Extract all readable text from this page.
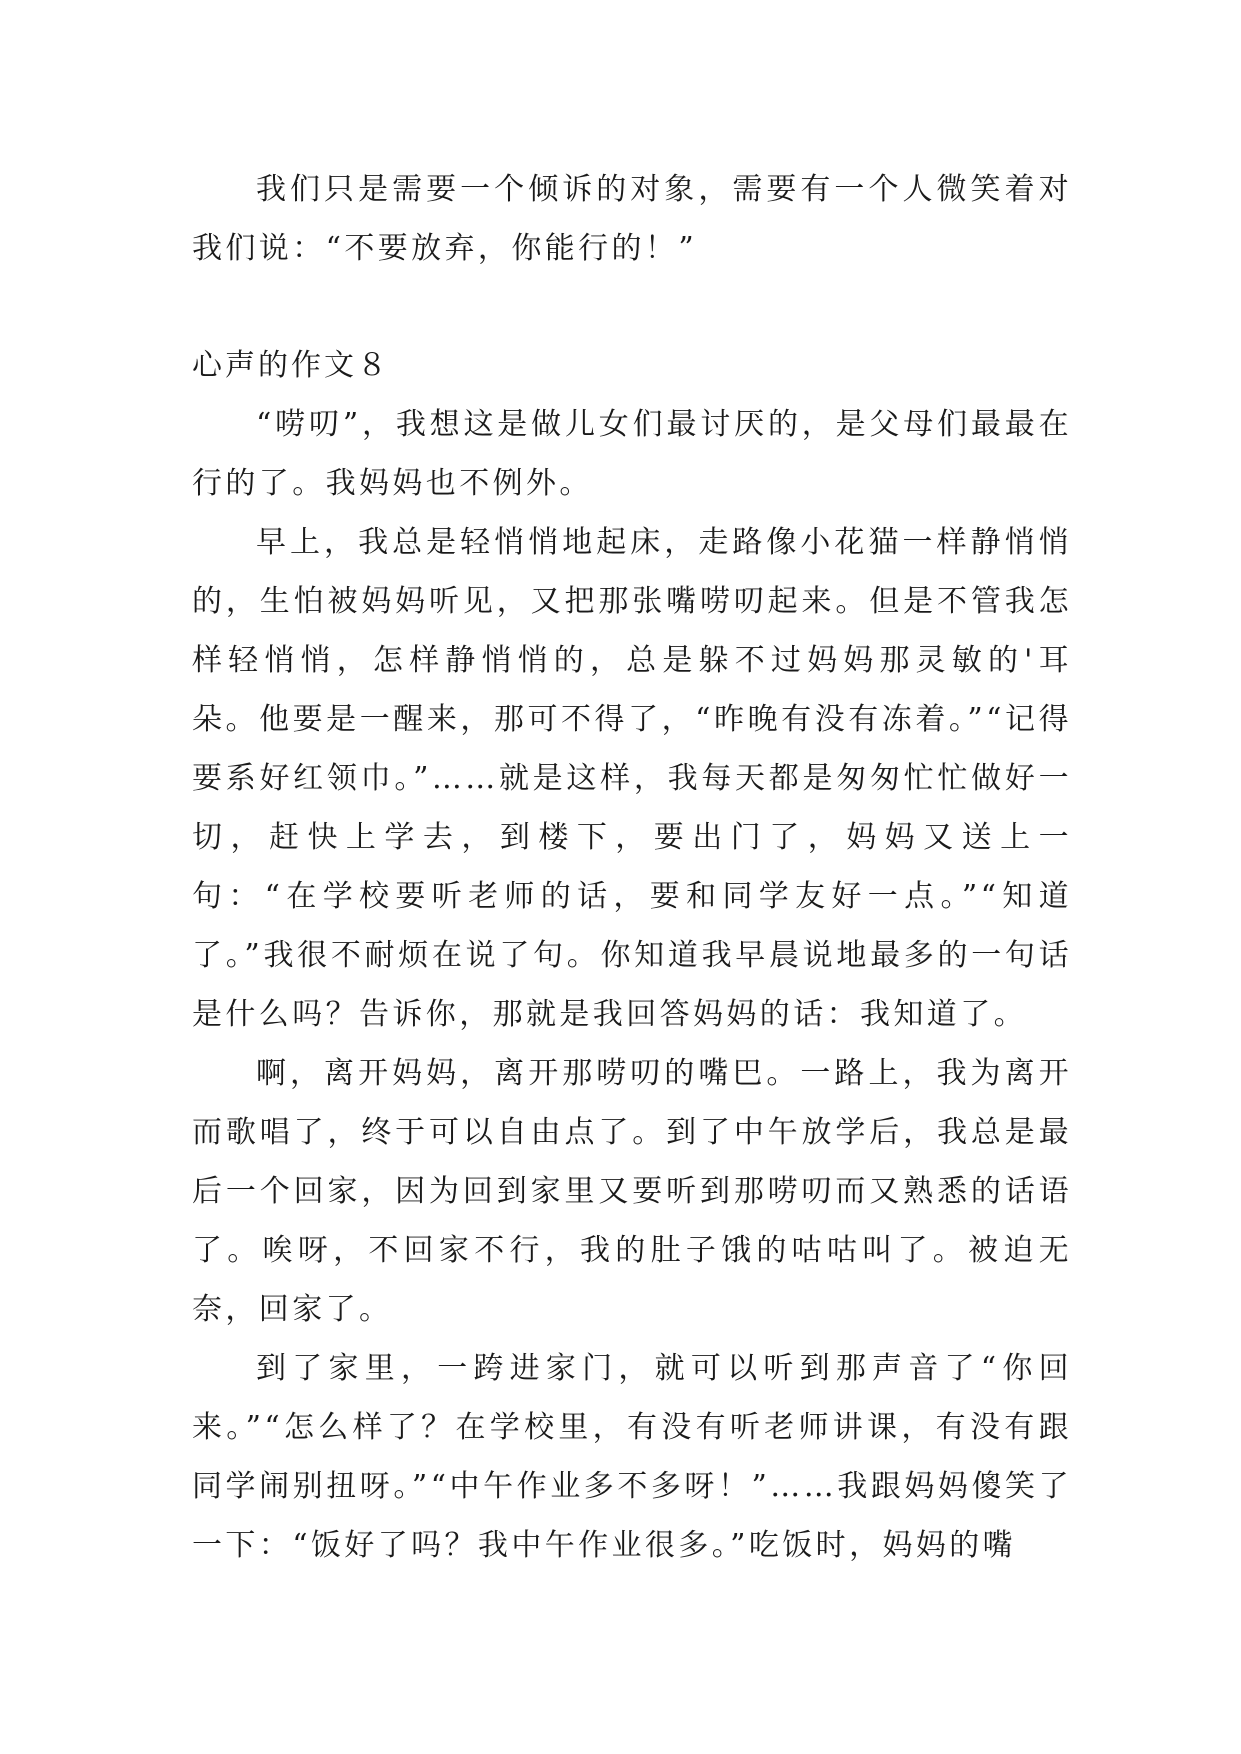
我们只是需要一个倾诉的对象，需要有一个人微笑着对我们说：“不要放弃，你能行的！”

心声的作文８

“唠叨”，我想这是做儿女们最讨厌的，是父母们最最在行的了。我妈妈也不例外。

早上，我总是轻悄悄地起床，走路像小花猫一样静悄悄的，生怕被妈妈听见，又把那张嘴唠叨起来。但是不管我怎样轻悄悄，怎样静悄悄的，总是躲不过妈妈那灵敏的'耳朵。他要是一醒来，那可不得了，“昨晚有没有冻着。”“记得要系好红领巾。”……就是这样，我每天都是匆匆忙忙做好一切，赶快上学去，到楼下，要出门了，妈妈又送上一句：“在学校要听老师的话，要和同学友好一点。”“知道了。”我很不耐烦在说了句。你知道我早晨说地最多的一句话是什么吗？告诉你，那就是我回答妈妈的话：我知道了。

啊，离开妈妈，离开那唠叨的嘴巴。一路上，我为离开而歌唱了，终于可以自由点了。到了中午放学后，我总是最后一个回家，因为回到家里又要听到那唠叨而又熟悉的话语了。唉呀，不回家不行，我的肚子饿的咕咕叫了。被迫无奈，回家了。

到了家里，一跨进家门，就可以听到那声音了“你回来。”“怎么样了？在学校里，有没有听老师讲课，有没有跟同学闹别扭呀。”“中午作业多不多呀！”……我跟妈妈傻笑了一下：“饭好了吗？我中午作业很多。”吃饭时，妈妈的嘴
